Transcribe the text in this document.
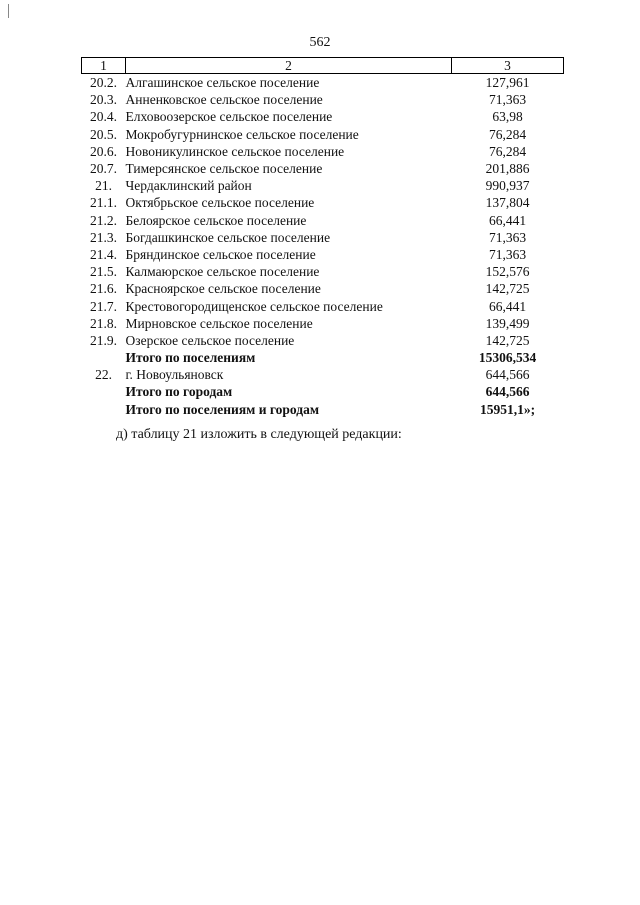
562
1	2	3
20.2.	Алгашинское сельское поселение	127,961
20.3.	Анненковское сельское поселение	71,363
20.4.	Елховоозерское сельское поселение	63,98
20.5.	Мокробугурнинское сельское поселение	76,284
20.6.	Новоникулинское сельское поселение	76,284
20.7.	Тимерсянское сельское поселение	201,886
21.	Чердаклинский район	990,937
21.1.	Октябрьское сельское поселение	137,804
21.2.	Белоярское сельское поселение	66,441
21.3.	Богдашкинское сельское поселение	71,363
21.4.	Бряндинское сельское поселение	71,363
21.5.	Калмаюрское сельское поселение	152,576
21.6.	Красноярское сельское поселение	142,725
21.7.	Крестовогородищенское сельское поселение	66,441
21.8.	Мирновское сельское поселение	139,499
21.9.	Озерское сельское поселение	142,725
	Итого по поселениям	15306,534
22.	г. Новоульяновск	644,566
	Итого по городам	644,566
	Итого по поселениям и городам	15951,1»;
д) таблицу 21 изложить в следующей редакции:
